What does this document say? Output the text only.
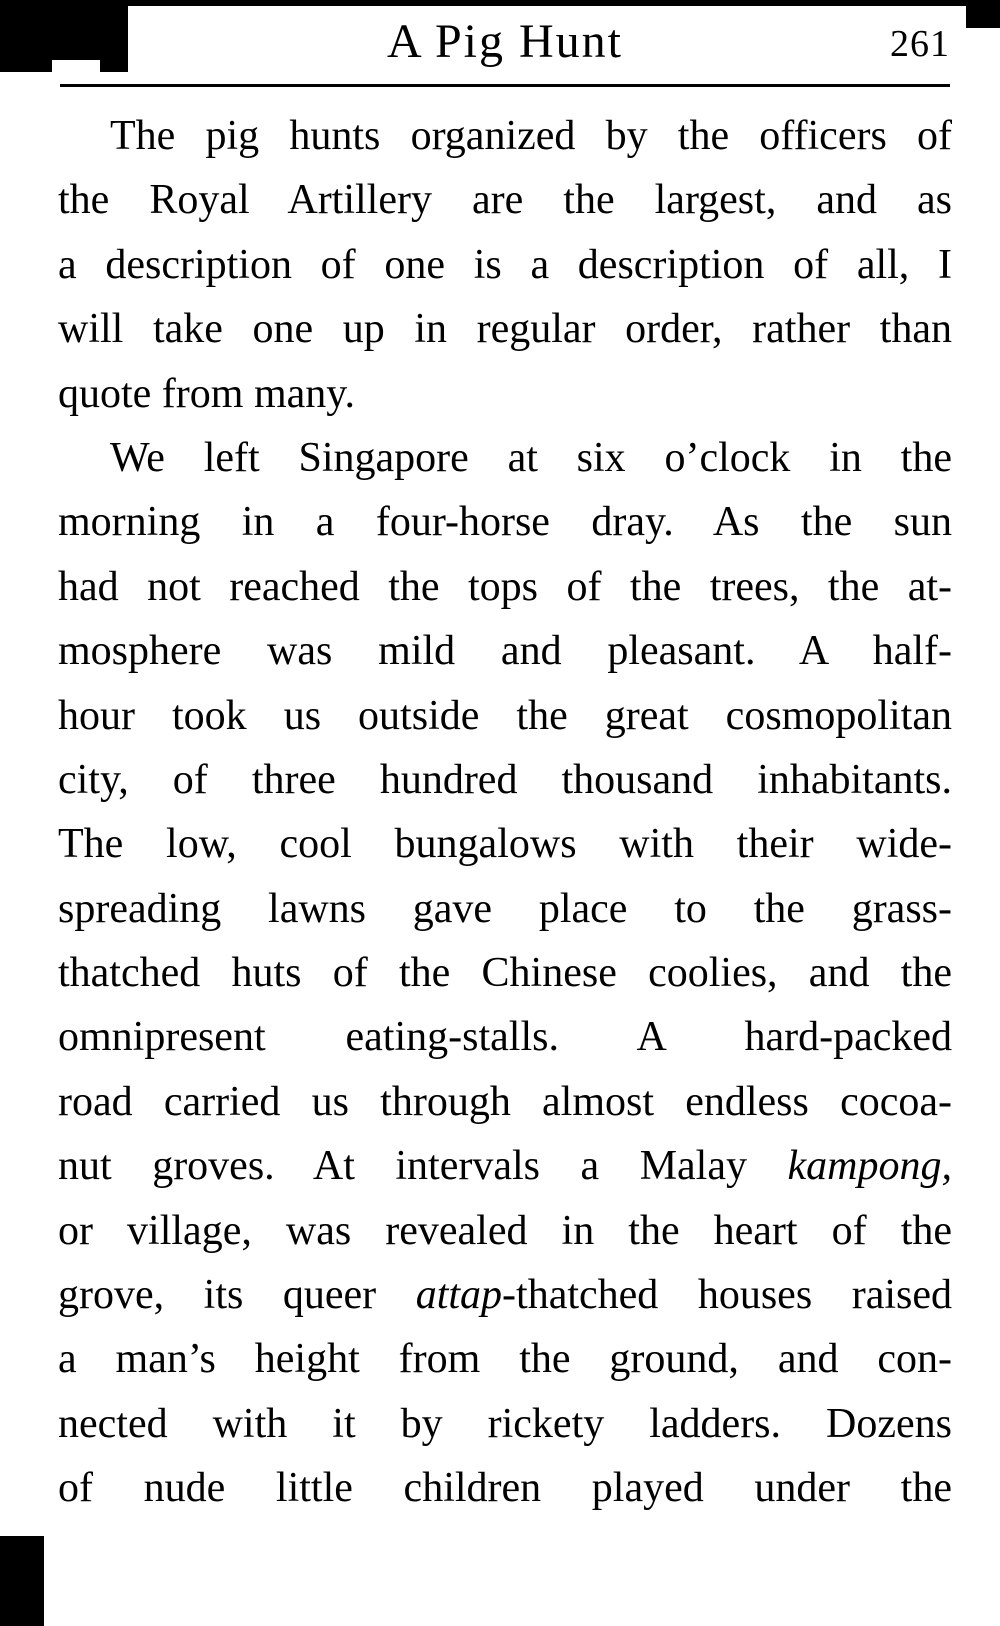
A Pig Hunt	261
The pig hunts organized by the officers of
the Royal Artillery are the largest, and as
a description of one is a description of all, I
will take one up in regular order, rather than
quote from many.
We left Singapore at six o’clock in the
morning in a four-horse dray. As the sun
had not reached the tops of the trees, the at-
mosphere was mild and pleasant. A half-
hour took us outside the great cosmopolitan
city, of three hundred thousand inhabitants.
The low, cool bungalows with their wide-
spreading lawns gave place to the grass-
thatched huts of the Chinese coolies, and the
omnipresent eating-stalls. A hard-packed
road carried us through almost endless cocoa-
nut groves. At intervals a Malay kampong,
or village, was revealed in the heart of the
grove, its queer attap-thatched houses raised
a man’s height from the ground, and con-
nected with it by rickety ladders. Dozens
of nude little children played under the
